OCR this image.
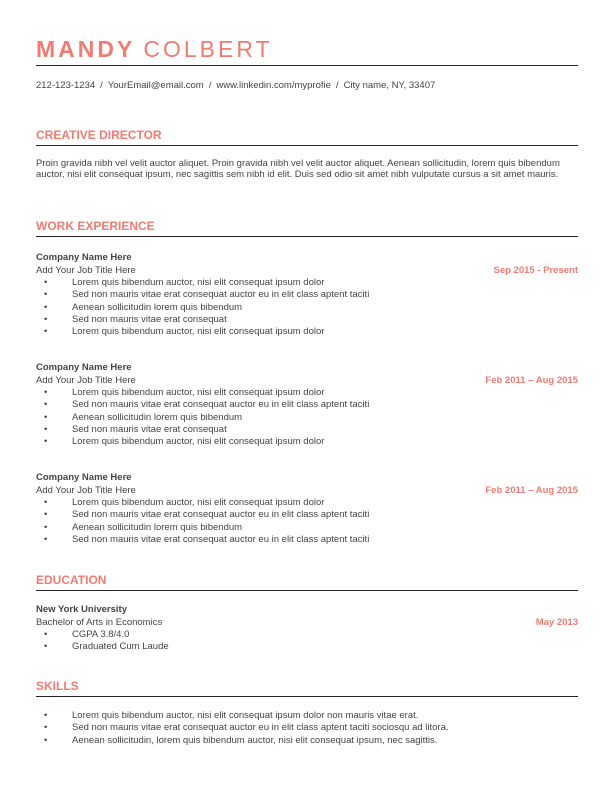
MANDY COLBERT
212-123-1234 / YourEmail@email.com / www.linkedin.com/myprofie / City name, NY, 33407
CREATIVE DIRECTOR
Proin gravida nibh vel velit auctor aliquet. Proin gravida nibh vel velit auctor aliquet. Aenean sollicitudin, lorem quis bibendum auctor, nisi elit consequat ipsum, nec sagittis sem nibh id elit. Duis sed odio sit amet nibh vulputate cursus a sit amet mauris.
WORK EXPERIENCE
Company Name Here
Add Your Job Title Here	Sep 2015 - Present
•	Lorem quis bibendum auctor, nisi elit consequat ipsum dolor
•	Sed non mauris vitae erat consequat auctor eu in elit class aptent taciti
•	Aenean sollicitudin lorem quis bibendum
•	Sed non mauris vitae erat consequat
•	Lorem quis bibendum auctor, nisi elit consequat ipsum dolor
Company Name Here
Add Your Job Title Here	Feb 2011 – Aug 2015
•	Lorem quis bibendum auctor, nisi elit consequat ipsum dolor
•	Sed non mauris vitae erat consequat auctor eu in elit class aptent taciti
•	Aenean sollicitudin lorem quis bibendum
•	Sed non mauris vitae erat consequat
•	Lorem quis bibendum auctor, nisi elit consequat ipsum dolor
Company Name Here
Add Your Job Title Here	Feb 2011 – Aug 2015
•	Lorem quis bibendum auctor, nisi elit consequat ipsum dolor
•	Sed non mauris vitae erat consequat auctor eu in elit class aptent taciti
•	Aenean sollicitudin lorem quis bibendum
•	Sed non mauris vitae erat consequat auctor eu in elit class aptent taciti
EDUCATION
New York University
Bachelor of Arts in Economics	May 2013
•	CGPA 3.8/4.0
•	Graduated Cum Laude
SKILLS
•	Lorem quis bibendum auctor, nisi elit consequat ipsum dolor non mauris vitae erat.
•	Sed non mauris vitae erat consequat auctor eu in elit class aptent taciti sociosqu ad litora.
•	Aenean sollicitudin, lorem quis bibendum auctor, nisi elit consequat ipsum, nec sagittis.
